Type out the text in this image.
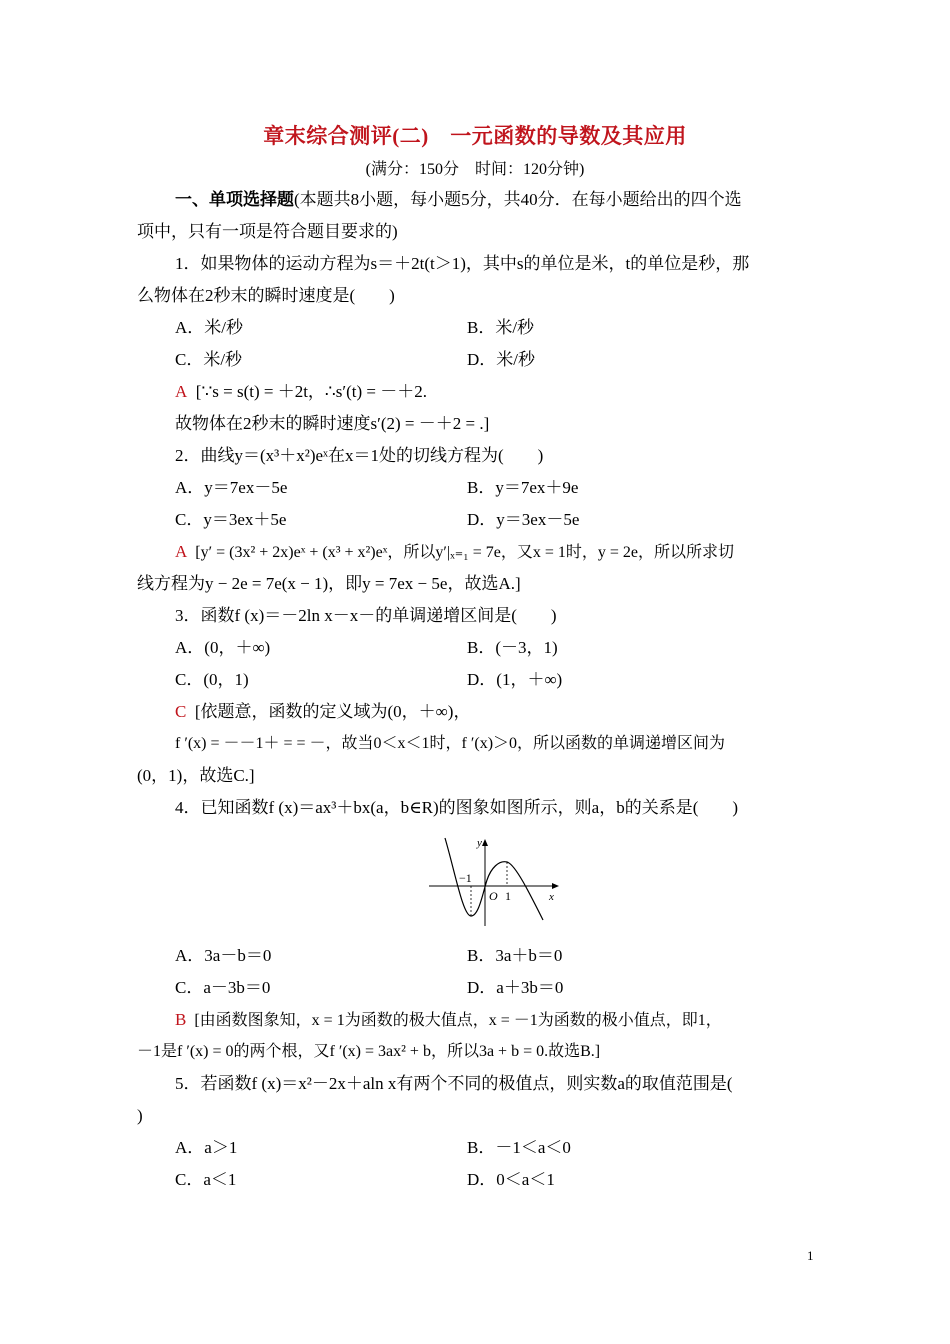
章末综合测评(二)　一元函数的导数及其应用
(满分：150分　时间：120分钟)
一、单项选择题(本题共8小题，每小题5分，共40分．在每小题给出的四个选
项中，只有一项是符合题目要求的)
1．如果物体的运动方程为s＝＋2t(t＞1)，其中s的单位是米，t的单位是秒，那
么物体在2秒末的瞬时速度是(　　)
A．米/秒	B．米/秒
C．米/秒	D．米/秒
A [∵s = s(t) = ＋2t，∴s′(t) = －＋2.
故物体在2秒末的瞬时速度s′(2) = －＋2 = .]
2．曲线y＝(x³＋x²)eˣ在x＝1处的切线方程为(　　)
A．y＝7ex－5e	B．y＝7ex＋9e
C．y＝3ex＋5e	D．y＝3ex－5e
A [y′ = (3x² + 2x)eˣ + (x³ + x²)eˣ，所以y′|ₓ₌₁ = 7e，又x = 1时，y = 2e，所以所求切
线方程为y − 2e = 7e(x − 1)，即y = 7ex − 5e，故选A.]
3．函数f (x)＝－2ln x－x－的单调递增区间是(　　)
A．(0，＋∞)	B．(－3，1)
C．(0，1)	D．(1，＋∞)
C [依题意，函数的定义域为(0，＋∞)，
f ′(x) = －－1＋ = = －，故当0＜x＜1时，f ′(x)＞0，所以函数的单调递增区间为
(0，1)，故选C.]
4．已知函数f (x)＝ax³＋bx(a，b∈R)的图象如图所示，则a，b的关系是(　　)
y
x
O
−1
1
A．3a－b＝0	B．3a＋b＝0
C．a－3b＝0	D．a＋3b＝0
B [由函数图象知，x = 1为函数的极大值点，x = －1为函数的极小值点，即1，
－1是f ′(x) = 0的两个根，又f ′(x) = 3ax² + b，所以3a + b = 0.故选B.]
5．若函数f (x)＝x²－2x＋aln x有两个不同的极值点，则实数a的取值范围是(
)
A．a＞1	B．－1＜a＜0
C．a＜1	D．0＜a＜1
1
